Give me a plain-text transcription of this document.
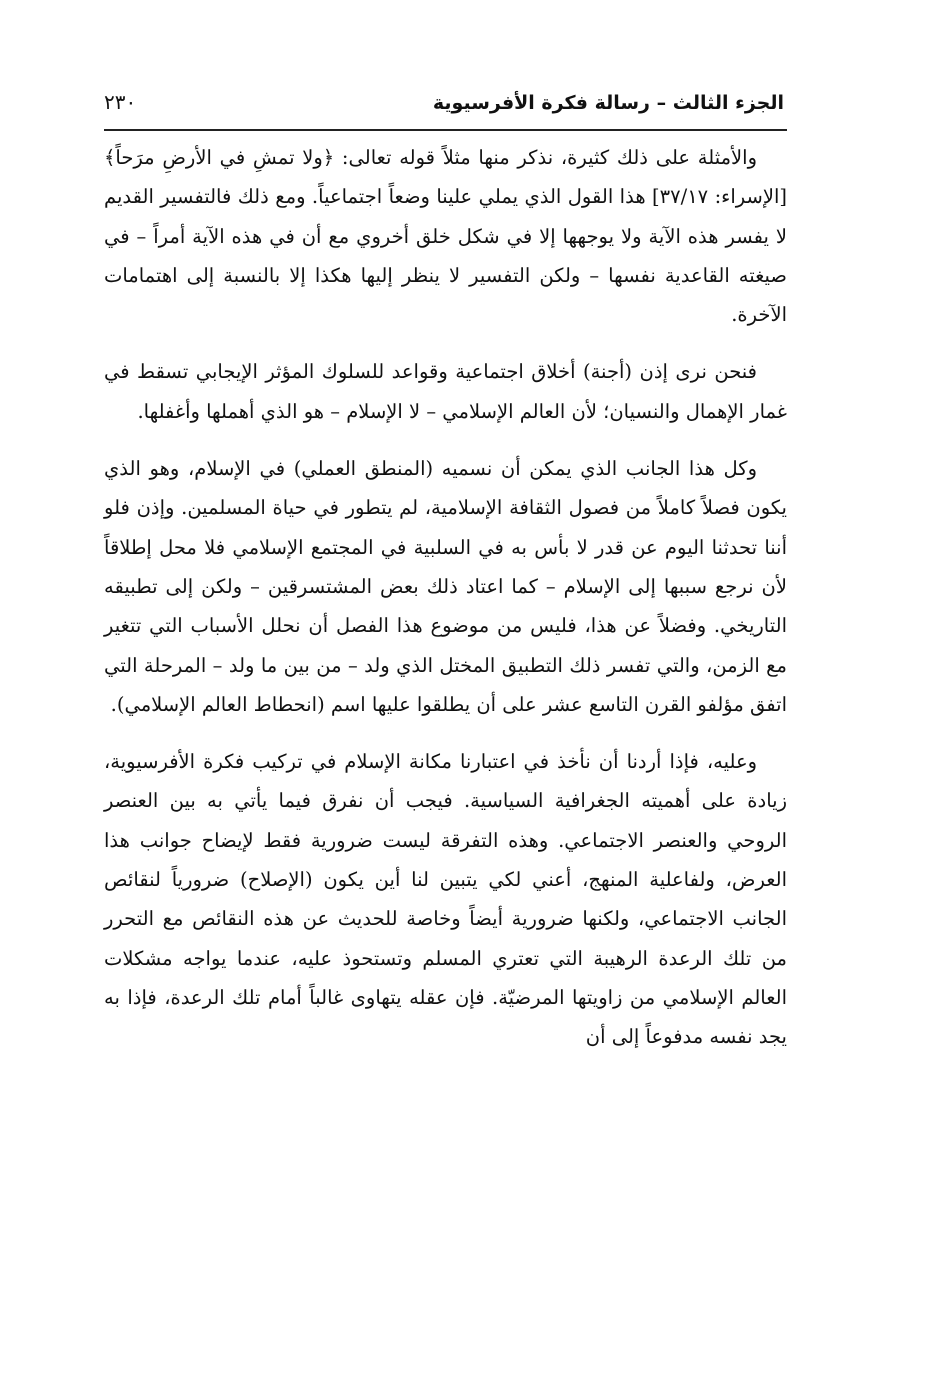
الجزء الثالث – رسالة فكرة الأفرسيوية
٢٣٠

والأمثلة على ذلك كثيرة، نذكر منها مثلاً قوله تعالى: ﴿ولا تمشِ في الأرضِ مرَحاً﴾ [الإسراء: ٣٧/١٧] هذا القول الذي يملي علينا وضعاً اجتماعياً. ومع ذلك فالتفسير القديم لا يفسر هذه الآية ولا يوجهها إلا في شكل خلق أخروي مع أن في هذه الآية أمراً – في صيغته القاعدية نفسها – ولكن التفسير لا ينظر إليها هكذا إلا بالنسبة إلى اهتمامات الآخرة.

فنحن نرى إذن (أجنة) أخلاق اجتماعية وقواعد للسلوك المؤثر الإيجابي تسقط في غمار الإهمال والنسيان؛ لأن العالم الإسلامي – لا الإسلام – هو الذي أهملها وأغفلها.

وكل هذا الجانب الذي يمكن أن نسميه (المنطق العملي) في الإسلام، وهو الذي يكون فصلاً كاملاً من فصول الثقافة الإسلامية، لم يتطور في حياة المسلمين. وإذن فلو أننا تحدثنا اليوم عن قدر لا بأس به في السلبية في المجتمع الإسلامي فلا محل إطلاقاً لأن نرجع سببها إلى الإسلام – كما اعتاد ذلك بعض المشتسرقين – ولكن إلى تطبيقه التاريخي. وفضلاً عن هذا، فليس من موضوع هذا الفصل أن نحلل الأسباب التي تتغير مع الزمن، والتي تفسر ذلك التطبيق المختل الذي ولد – من بين ما ولد – المرحلة التي اتفق مؤلفو القرن التاسع عشر على أن يطلقوا عليها اسم (انحطاط العالم الإسلامي).

وعليه، فإذا أردنا أن نأخذ في اعتبارنا مكانة الإسلام في تركيب فكرة الأفرسيوية، زيادة على أهميته الجغرافية السياسية. فيجب أن نفرق فيما يأتي به بين العنصر الروحي والعنصر الاجتماعي. وهذه التفرقة ليست ضرورية فقط لإيضاح جوانب هذا العرض، ولفاعلية المنهج، أعني لكي يتبين لنا أين يكون (الإصلاح) ضرورياً لنقائص الجانب الاجتماعي، ولكنها ضرورية أيضاً وخاصة للحديث عن هذه النقائص مع التحرر من تلك الرعدة الرهيبة التي تعتري المسلم وتستحوذ عليه، عندما يواجه مشكلات العالم الإسلامي من زاويتها المرضيّة. فإن عقله يتهاوى غالباً أمام تلك الرعدة، فإذا به يجد نفسه مدفوعاً إلى أن
